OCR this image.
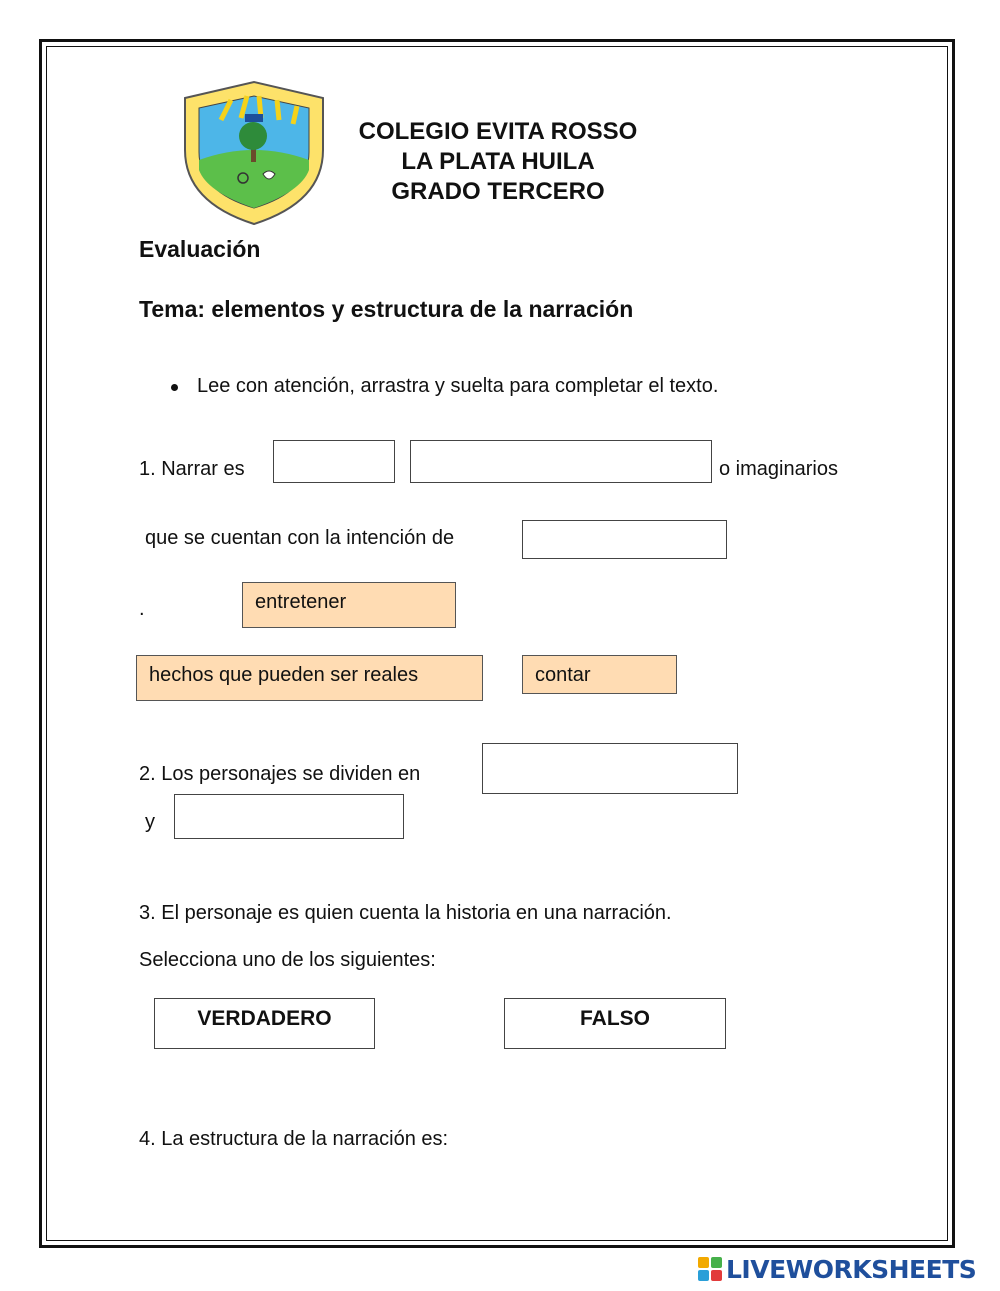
COLEGIO EVITA ROSSO
LA PLATA HUILA
GRADO TERCERO
Evaluación
Tema: elementos y estructura de la narración
Lee con atención, arrastra y suelta para completar el texto.
1. Narrar es	o imaginarios
que se cuentan con la intención de
.	entretener
hechos que pueden ser reales	contar
2. Los personajes se dividen en
y
3. El personaje es quien cuenta la historia en una narración.
Selecciona uno de los siguientes:
VERDADERO	FALSO
4. La estructura de la narración es:
LIVEWORKSHEETS
